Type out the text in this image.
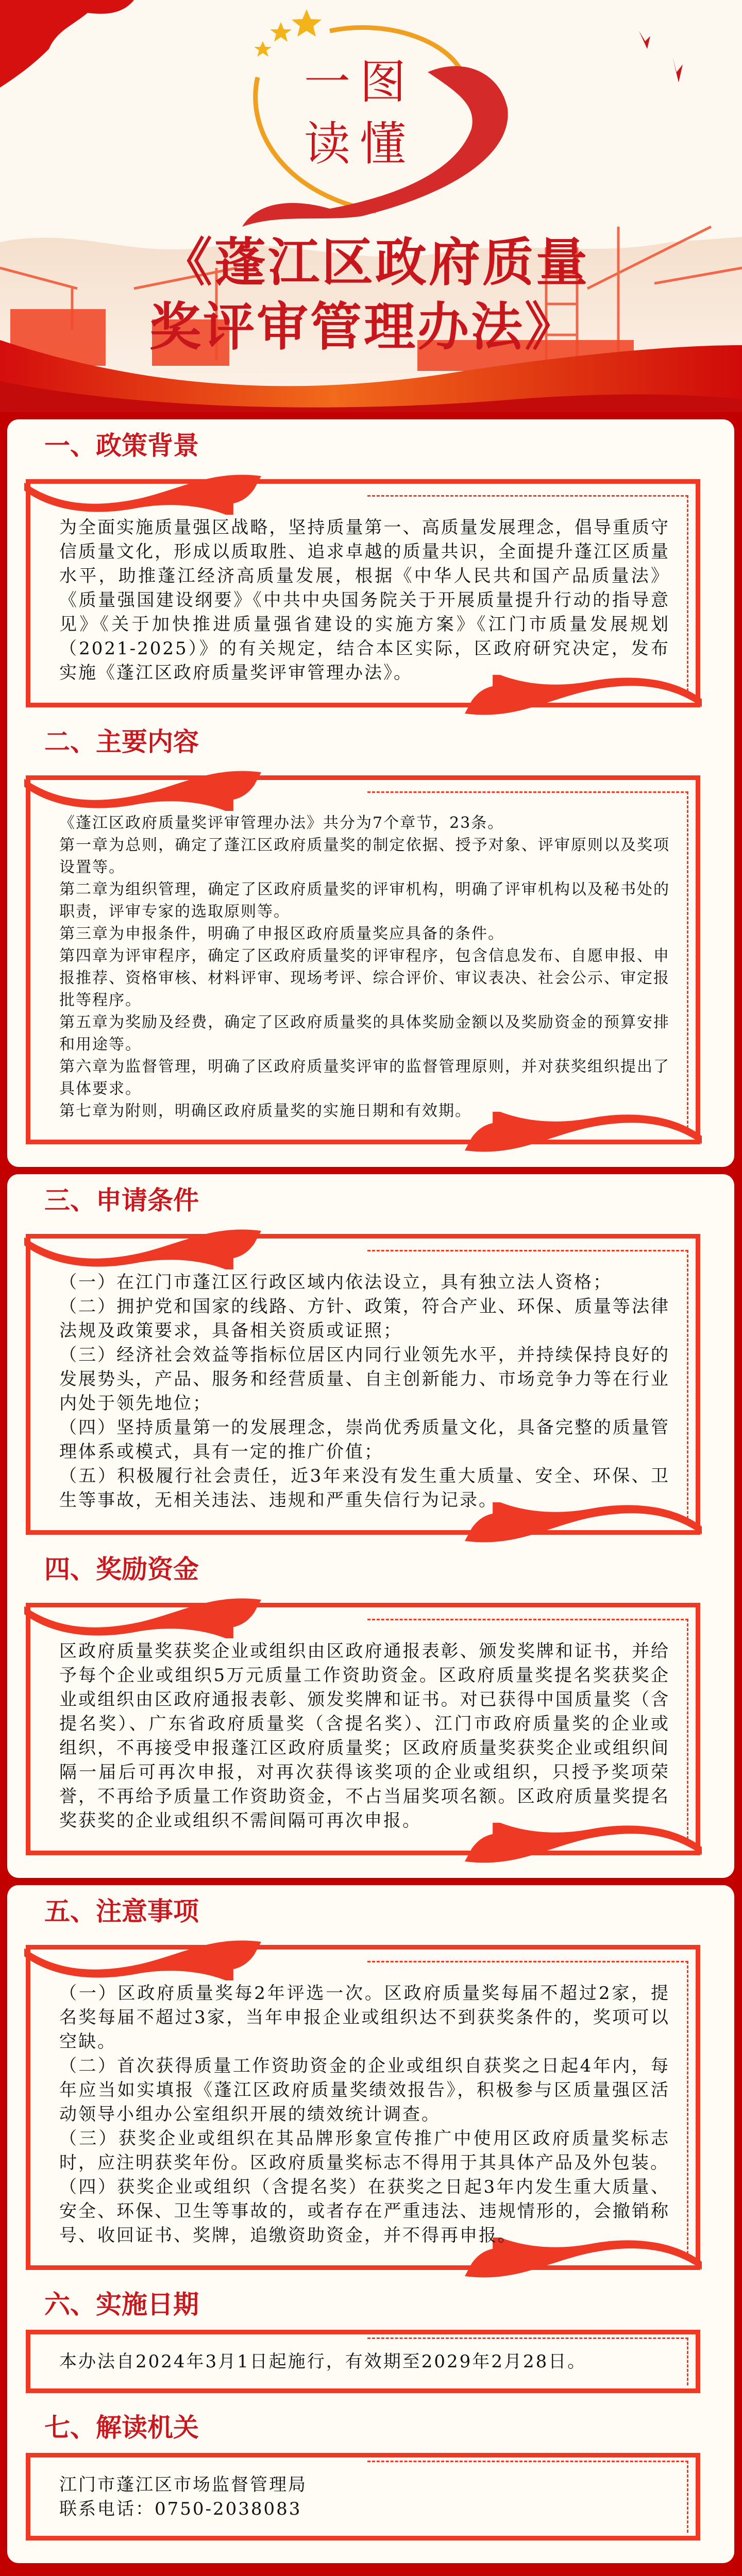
一图
读懂
《蓬江区政府质量
奖评审管理办法》
一、政策背景
为全面实施质量强区战略，坚持质量第一、高质量发展理念，倡导重质守信质量文化，形成以质取胜、追求卓越的质量共识，全面提升蓬江区质量水平，助推蓬江经济高质量发展，根据《中华人民共和国产品质量法》《质量强国建设纲要》《中共中央国务院关于开展质量提升行动的指导意见》《关于加快推进质量强省建设的实施方案》《江门市质量发展规划（2021-2025）》的有关规定，结合本区实际，区政府研究决定，发布实施《蓬江区政府质量奖评审管理办法》。
二、主要内容

《蓬江区政府质量奖评审管理办法》共分为7个章节，23条。

第一章为总则，确定了蓬江区政府质量奖的制定依据、授予对象、评审原则以及奖项设置等。

第二章为组织管理，确定了区政府质量奖的评审机构，明确了评审机构以及秘书处的职责，评审专家的选取原则等。

第三章为申报条件，明确了申报区政府质量奖应具备的条件。

第四章为评审程序，确定了区政府质量奖的评审程序，包含信息发布、自愿申报、申报推荐、资格审核、材料评审、现场考评、综合评价、审议表决、社会公示、审定报批等程序。

第五章为奖励及经费，确定了区政府质量奖的具体奖励金额以及奖励资金的预算安排和用途等。

第六章为监督管理，明确了区政府质量奖评审的监督管理原则，并对获奖组织提出了具体要求。

第七章为附则，明确区政府质量奖的实施日期和有效期。

三、申请条件

（一）在江门市蓬江区行政区域内依法设立，具有独立法人资格；

（二）拥护党和国家的线路、方针、政策，符合产业、环保、质量等法律法规及政策要求，具备相关资质或证照；

（三）经济社会效益等指标位居区内同行业领先水平，并持续保持良好的发展势头，产品、服务和经营质量、自主创新能力、市场竞争力等在行业内处于领先地位；

（四）坚持质量第一的发展理念，崇尚优秀质量文化，具备完整的质量管理体系或模式，具有一定的推广价值；

（五）积极履行社会责任，近3年来没有发生重大质量、安全、环保、卫生等事故，无相关违法、违规和严重失信行为记录。

四、奖励资金
区政府质量奖获奖企业或组织由区政府通报表彰、颁发奖牌和证书，并给予每个企业或组织5万元质量工作资助资金。区政府质量奖提名奖获奖企业或组织由区政府通报表彰、颁发奖牌和证书。对已获得中国质量奖（含提名奖）、广东省政府质量奖（含提名奖）、江门市政府质量奖的企业或组织，不再接受申报蓬江区政府质量奖；区政府质量奖获奖企业或组织间隔一届后可再次申报，对再次获得该奖项的企业或组织，只授予奖项荣誉，不再给予质量工作资助资金，不占当届奖项名额。区政府质量奖提名奖获奖的企业或组织不需间隔可再次申报。
五、注意事项

（一）区政府质量奖每2年评选一次。区政府质量奖每届不超过2家，提名奖每届不超过3家，当年申报企业或组织达不到获奖条件的，奖项可以空缺。

（二）首次获得质量工作资助资金的企业或组织自获奖之日起4年内，每年应当如实填报《蓬江区政府质量奖绩效报告》，积极参与区质量强区活动领导小组办公室组织开展的绩效统计调查。

（三）获奖企业或组织在其品牌形象宣传推广中使用区政府质量奖标志时，应注明获奖年份。区政府质量奖标志不得用于其具体产品及外包装。

（四）获奖企业或组织（含提名奖）在获奖之日起3年内发生重大质量、安全、环保、卫生等事故的，或者存在严重违法、违规情形的，会撤销称号、收回证书、奖牌，追缴资助资金，并不得再申报。

六、实施日期
本办法自2024年3月1日起施行，有效期至2029年2月28日。
七、解读机关

江门市蓬江区市场监督管理局

联系电话：0750-2038083
